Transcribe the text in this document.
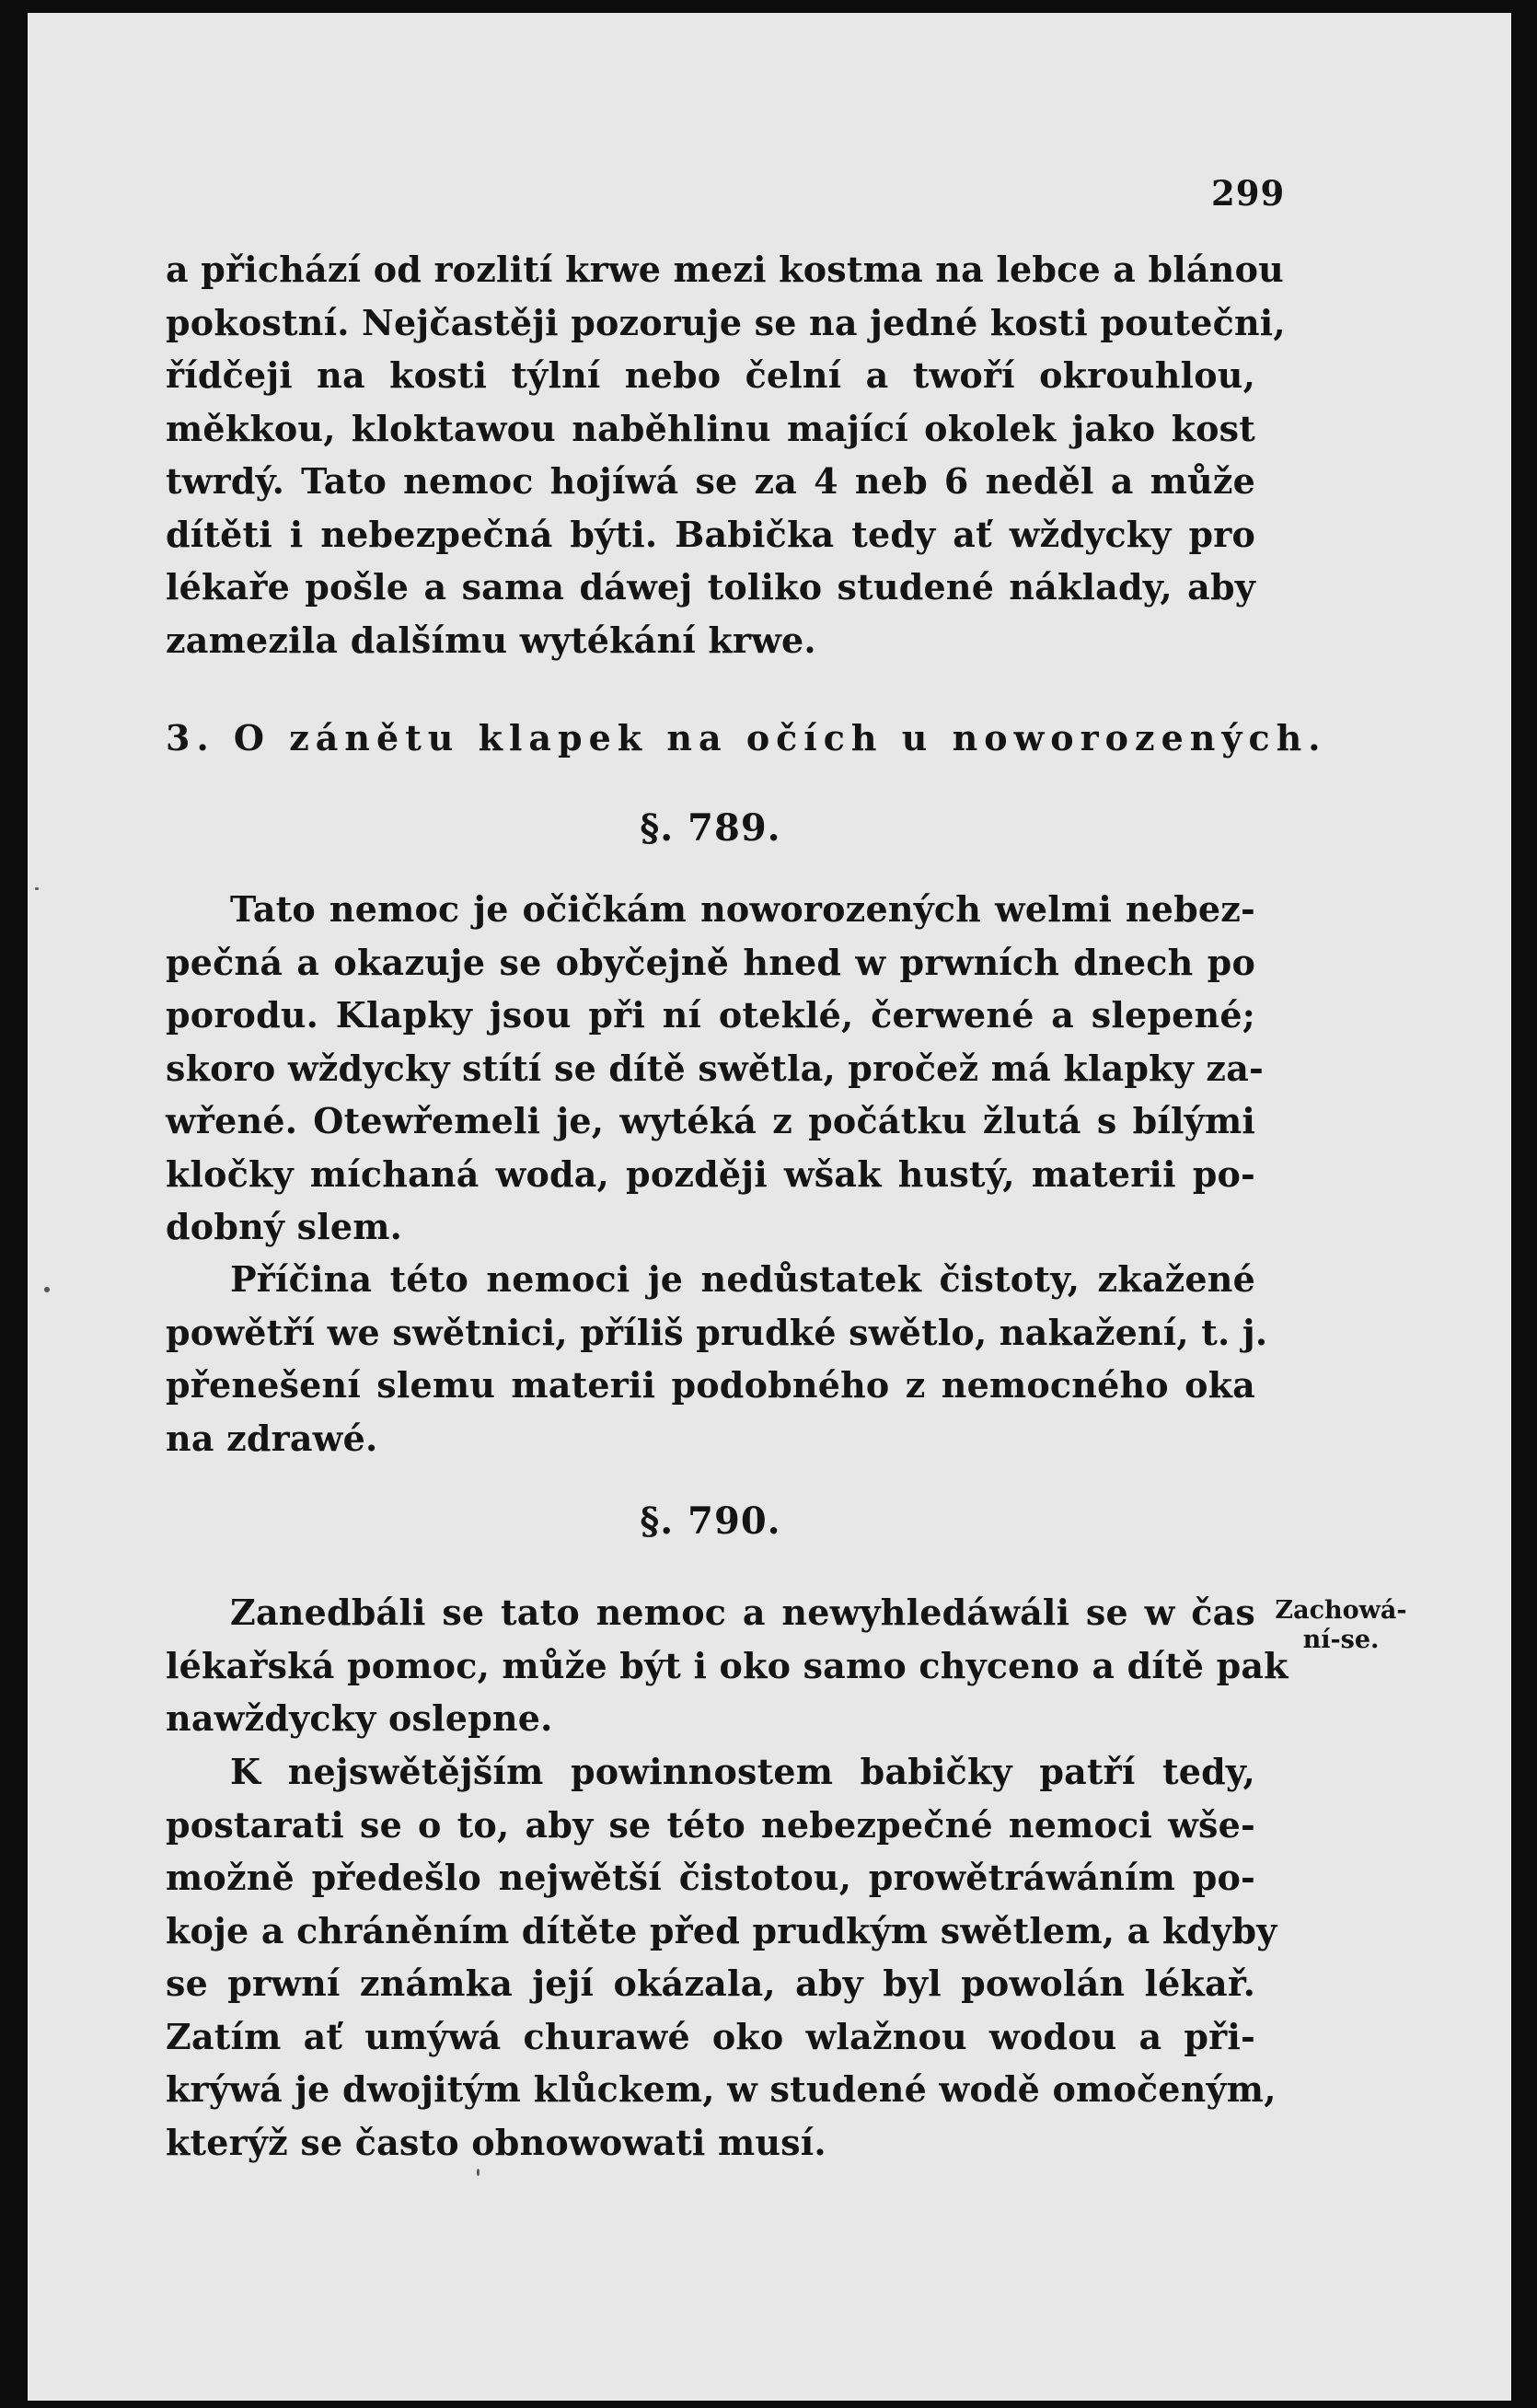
299
a přichází od rozlití krwe mezi kostma na lebce a blánou
pokostní. Nejčastěji pozoruje se na jedné kosti poutečni,
řídčeji na kosti týlní nebo čelní a twoří okrouhlou,
měkkou, kloktawou naběhlinu mající okolek jako kost
twrdý. Tato nemoc hojíwá se za 4 neb 6 neděl a může
dítěti i nebezpečná býti. Babička tedy ať wždycky pro
lékaře pošle a sama dáwej toliko studené náklady, aby
zamezila dalšímu wytékání krwe.
3. O zánětu klapek na očích u noworozených.
§. 789.
Tato nemoc je očičkám noworozených welmi nebez-
pečná a okazuje se obyčejně hned w prwních dnech po
porodu. Klapky jsou při ní oteklé, čerwené a slepené;
skoro wždycky stítí se dítě swětla, pročež má klapky za-
wřené. Otewřemeli je, wytéká z počátku žlutá s bílými
kločky míchaná woda, později wšak hustý, materii po-
dobný slem.
Příčina této nemoci je nedůstatek čistoty, zkažené
powětří we swětnici, příliš prudké swětlo, nakažení, t. j.
přenešení slemu materii podobného z nemocného oka
na zdrawé.
§. 790.
Zanedbáli se tato nemoc a newyhledáwáli se w čas
lékařská pomoc, může být i oko samo chyceno a dítě pak
nawždycky oslepne.
K nejswětějším powinnostem babičky patří tedy,
postarati se o to, aby se této nebezpečné nemoci wše-
možně předešlo nejwětší čistotou, prowětráwáním po-
koje a chráněním dítěte před prudkým swětlem, a kdyby
se prwní známka její okázala, aby byl powolán lékař.
Zatím ať umýwá churawé oko wlažnou wodou a při-
krýwá je dwojitým klůckem, w studené wodě omočeným,
kterýž se často obnowowati musí.
Zachowá-
ní-se.
